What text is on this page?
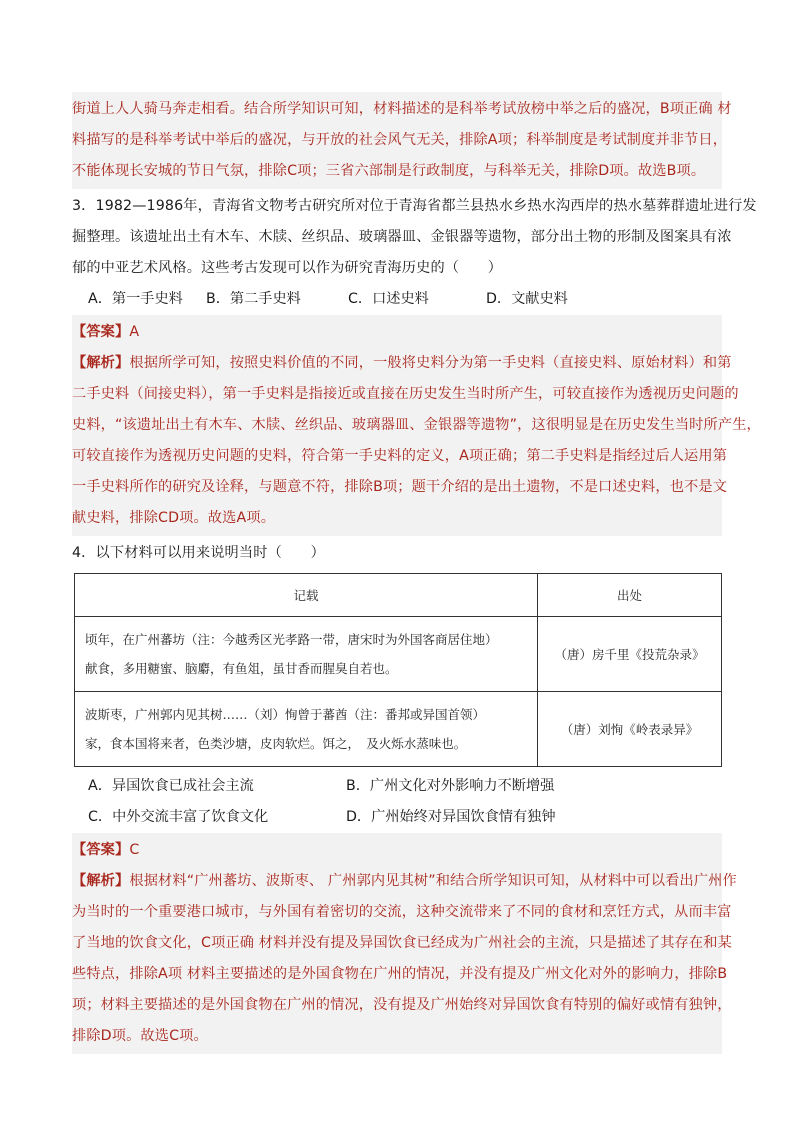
街道上人人骑马奔走相看。结合所学知识可知，材料描述的是科举考试放榜中举之后的盛况，B项正确 材
料描写的是科举考试中举后的盛况，与开放的社会风气无关，排除A项；科举制度是考试制度并非节日，
不能体现长安城的节日气氛，排除C项；三省六部制是行政制度，与科举无关，排除D项。故选B项。
3．1982—1986年，青海省文物考古研究所对位于青海省都兰县热水乡热水沟西岸的热水墓葬群遗址进行发
掘整理。该遗址出土有木车、木牍、丝织品、玻璃器皿、金银器等遗物，部分出土物的形制及图案具有浓
郁的中亚艺术风格。这些考古发现可以作为研究青海历史的（　　）
A．第一手史料	B．第二手史料	C．口述史料	D．文献史料
【答案】A
【解析】根据所学可知，按照史料价值的不同，一般将史料分为第一手史料（直接史料、原始材料）和第
二手史料（间接史料），第一手史料是指接近或直接在历史发生当时所产生，可较直接作为透视历史问题的
史料，“该遗址出土有木车、木牍、丝织品、玻璃器皿、金银器等遗物”，这很明显是在历史发生当时所产生，
可较直接作为透视历史问题的史料，符合第一手史料的定义，A项正确；第二手史料是指经过后人运用第
一手史料所作的研究及诠释，与题意不符，排除B项；题干介绍的是出土遗物，不是口述史料，也不是文
献史料，排除CD项。故选A项。
4．以下材料可以用来说明当时（　　）
记载	出处

顷年，在广州蕃坊（注：今越秀区光孝路一带，唐宋时为外国客商居住地）
献食，多用糖蜜、脑麝，有鱼俎，虽甘香而腥臭自若也。	（唐）房千里《投荒杂录》

波斯枣，广州郭内见其树……（刘）恂曾于蕃酋（注：番邦或异国首领）
家，食本国将来者，色类沙塘，皮肉软烂。饵之，　及火烁水蒸味也。	（唐）刘恂《岭表录异》
A．异国饮食已成社会主流	B．广州文化对外影响力不断增强
C．中外交流丰富了饮食文化	D．广州始终对异国饮食情有独钟
【答案】C
【解析】根据材料“广州蕃坊、波斯枣、 广州郭内见其树”和结合所学知识可知，从材料中可以看出广州作
为当时的一个重要港口城市，与外国有着密切的交流，这种交流带来了不同的食材和烹饪方式，从而丰富
了当地的饮食文化，C项正确 材料并没有提及异国饮食已经成为广州社会的主流，只是描述了其存在和某
些特点，排除A项 材料主要描述的是外国食物在广州的情况，并没有提及广州文化对外的影响力，排除B
项；材料主要描述的是外国食物在广州的情况，没有提及广州始终对异国饮食有特别的偏好或情有独钟，
排除D项。故选C项。
